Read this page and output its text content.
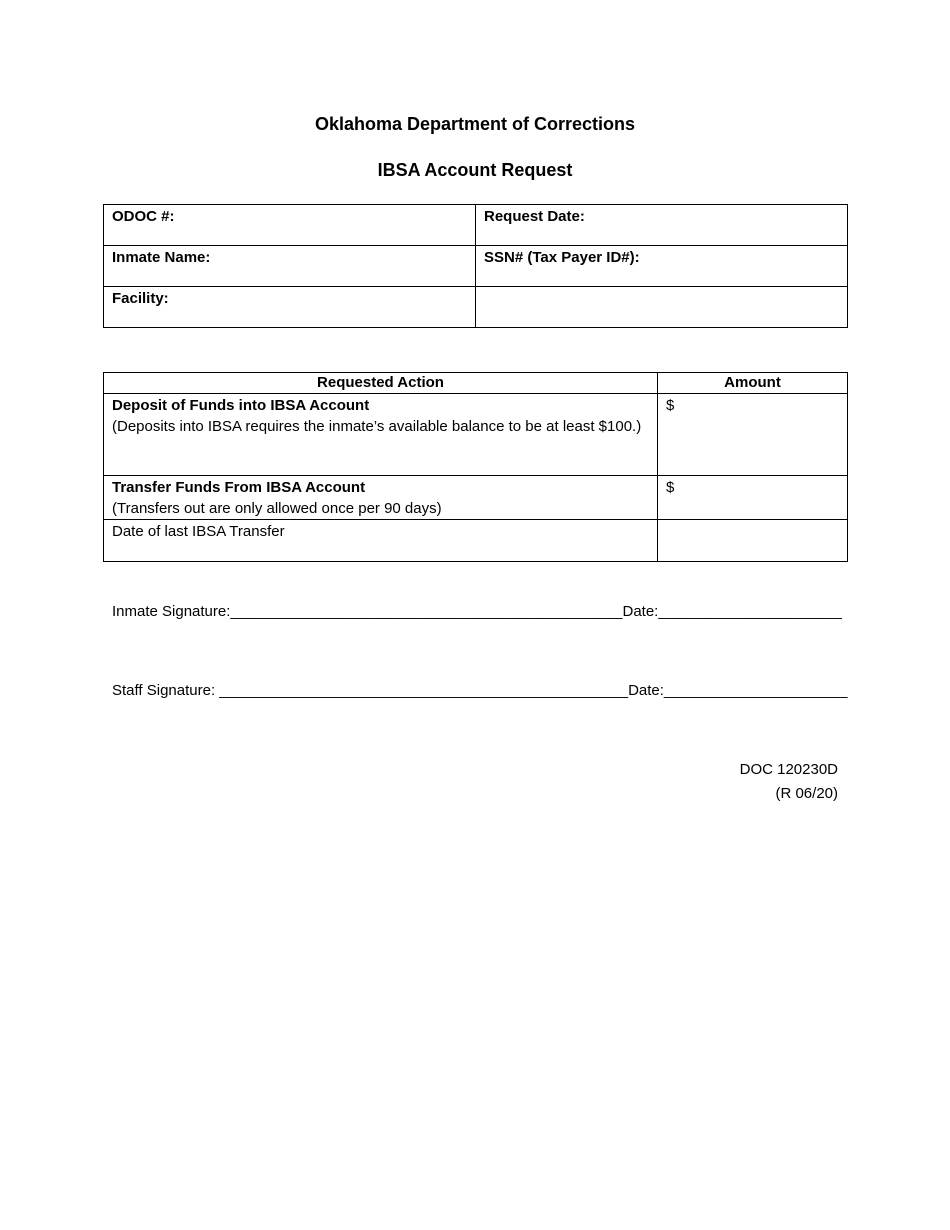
Oklahoma Department of Corrections
IBSA Account Request
ODOC #:	Request Date:
Inmate Name:	SSN# (Tax Payer ID#):
Facility:	
Requested Action	Amount

Deposit of Funds into IBSA Account
(Deposits into IBSA requires the inmate’s available balance to be at least $100.)	$

Transfer Funds From IBSA Account
(Transfers out are only allowed once per 90 days)	$
Date of last IBSA Transfer	
Inmate Signature:_______________________________________________Date:______________________
Staff Signature: _________________________________________________Date:______________________
DOC 120230D
(R 06/20)
